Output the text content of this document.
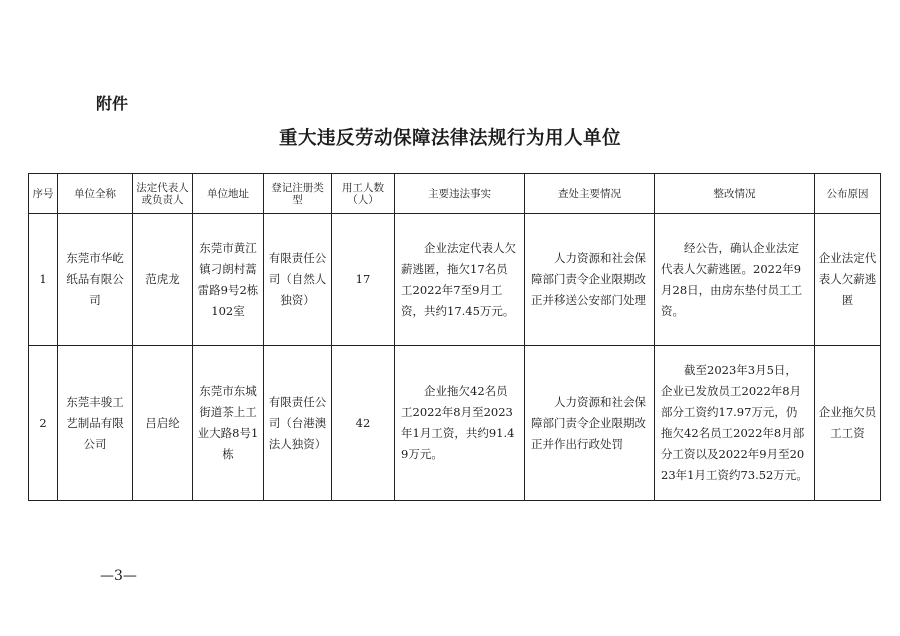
附件
重大违反劳动保障法律法规行为用人单位
序号	单位全称	法定代表人或负责人	单位地址	登记注册类型	用工人数（人）	主要违法事实	查处主要情况	整改情况	公布原因
1	东莞市华屹纸品有限公司	范虎龙	东莞市黄江镇刁朗村蒿雷路9号2栋102室	有限责任公司（自然人独资）	17	企业法定代表人欠薪逃匿，拖欠17名员工2022年7至9月工资，共约17.45万元。	人力资源和社会保障部门责令企业限期改正并移送公安部门处理	经公告，确认企业法定代表人欠薪逃匿。2022年9月28日，由房东垫付员工工资。	企业法定代表人欠薪逃匿
2	东莞丰骏工艺制品有限公司	吕启纶	东莞市东城街道茶上工业大路8号1栋	有限责任公司（台港澳法人独资）	42	企业拖欠42名员工2022年8月至2023年1月工资，共约91.49万元。	人力资源和社会保障部门责令企业限期改正并作出行政处罚	截至2023年3月5日，企业已发放员工2022年8月部分工资约17.97万元，仍拖欠42名员工2022年8月部分工资以及2022年9月至2023年1月工资约73.52万元。	企业拖欠员工工资
—3—
